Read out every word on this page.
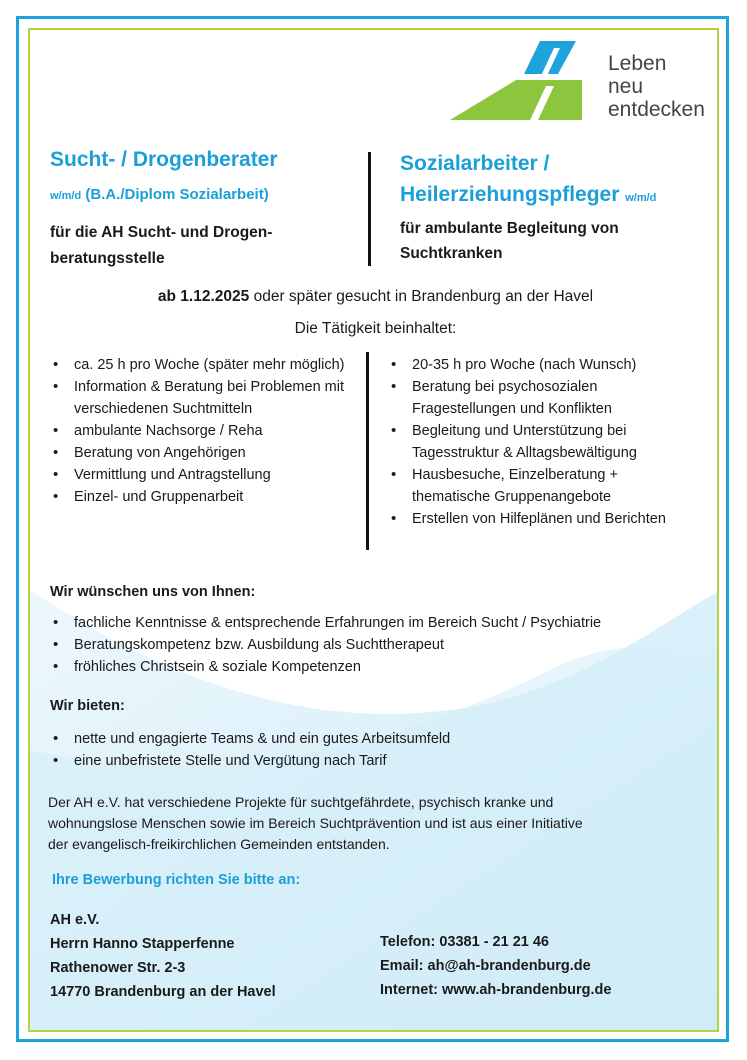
Leben
neu
entdecken
Sucht- / Drogenberater
w/m/d (B.A./Diplom Sozialarbeit)
für die AH Sucht- und Drogen-
beratungsstelle
Sozialarbeiter /
Heilerziehungspfleger w/m/d
für ambulante Begleitung von
Suchtkranken
ab 1.12.2025 oder später gesucht in Brandenburg an der Havel
Die Tätigkeit beinhaltet:
• ca. 25 h pro Woche (später mehr möglich)
• Information & Beratung bei Problemen mit verschiedenen Suchtmitteln
• ambulante Nachsorge / Reha
• Beratung von Angehörigen
• Vermittlung und Antragstellung
• Einzel- und Gruppenarbeit
• 20-35 h pro Woche (nach Wunsch)
• Beratung bei psychosozialen Fragestellungen und Konflikten
• Begleitung und Unterstützung bei Tagesstruktur & Alltagsbewältigung
• Hausbesuche, Einzelberatung + thematische Gruppenangebote
• Erstellen von Hilfeplänen und Berichten
Wir wünschen uns von Ihnen:
• fachliche Kenntnisse & entsprechende Erfahrungen im Bereich Sucht / Psychiatrie
• Beratungskompetenz bzw. Ausbildung als Suchttherapeut
• fröhliches Christsein & soziale Kompetenzen
Wir bieten:
• nette und engagierte Teams & und ein gutes Arbeitsumfeld
• eine unbefristete Stelle und Vergütung nach Tarif
Der AH e.V. hat verschiedene Projekte für suchtgefährdete, psychisch kranke und
wohnungslose Menschen sowie im Bereich Suchtprävention und ist aus einer Initiative
der evangelisch-freikirchlichen Gemeinden entstanden.
Ihre Bewerbung richten Sie bitte an:
AH e.V.
Herrn Hanno Stapperfenne
Rathenower Str. 2-3
14770 Brandenburg an der Havel
Telefon: 03381 - 21 21 46
Email: ah@ah-brandenburg.de
Internet: www.ah-brandenburg.de
